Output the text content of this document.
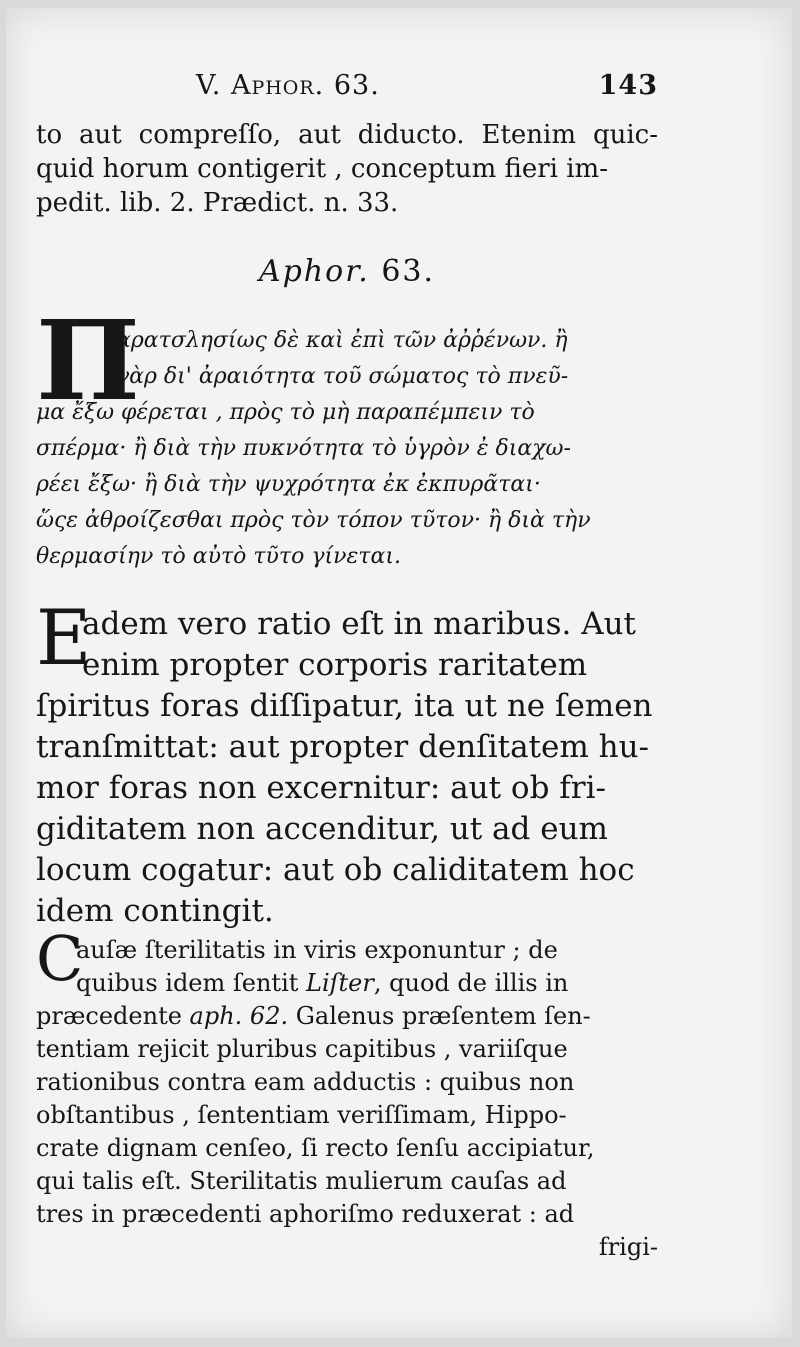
V. Aphor. 63.	143
to aut compreſſo, aut diducto. Etenim quic-
quid horum contigerit , conceptum fieri im-
pedit. lib. 2. Prædict. n. 33.
Aphor. 63.
Π
αρατσλησίως δὲ καὶ ἐπὶ τῶν ἀῤῥένων. ἢ
γὰρ δι' ἀραιότητα τοῦ σώματος τὸ πνεῦ-
μα ἔξω φέρεται , πρὸς τὸ μὴ παραπέμπειν τὸ
σπέρμα· ἢ διὰ τὴν πυκνότητα τὸ ὑγρὸν ἐ διαχω-
ρέει ἔξω· ἢ διὰ τὴν ψυχρότητα ἐκ ἐκπυρᾶται·
ὥςε ἀθροίζεσθαι πρὸς τὸν τόπον τῦτον· ἢ διὰ τὴν
θερμασίην τὸ αὐτὸ τῦτο γίνεται.
E
adem vero ratio eſt in maribus. Aut
enim propter corporis raritatem
ſpiritus foras diſſipatur, ita ut ne ſemen
tranſmittat: aut propter denſitatem hu-
mor foras non excernitur: aut ob fri-
giditatem non accenditur, ut ad eum
locum cogatur: aut ob caliditatem hoc
idem contingit.
C
auſæ ſterilitatis in viris exponuntur ; de
quibus idem ſentit Liſter, quod de illis in
præcedente aph. 62. Galenus præſentem ſen-
tentiam rejicit pluribus capitibus , variiſque
rationibus contra eam adductis : quibus non
obſtantibus , ſententiam veriſſimam, Hippo-
crate dignam cenſeo, ſi recto ſenſu accipiatur,
qui talis eſt. Sterilitatis mulierum cauſas ad
tres in præcedenti aphoriſmo reduxerat : ad
frigi-
